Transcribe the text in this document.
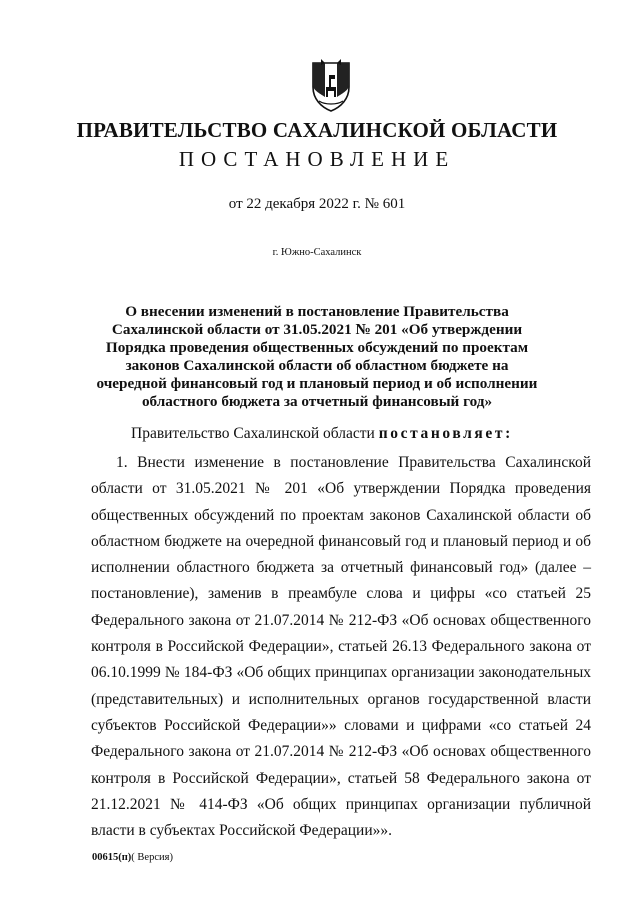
ПРАВИТЕЛЬСТВО САХАЛИНСКОЙ ОБЛАСТИ
ПОСТАНОВЛЕНИЕ
от 22 декабря 2022 г. № 601
г. Южно-Сахалинск
О внесении изменений в постановление Правительства Сахалинской области от 31.05.2021 № 201 «Об утверждении Порядка проведения общественных обсуждений по проектам законов Сахалинской области об областном бюджете на очередной финансовый год и плановый период и об исполнении областного бюджета за отчетный финансовый год»
Правительство Сахалинской области постановляет:
1. Внести изменение в постановление Правительства Сахалинской области от 31.05.2021 № 201 «Об утверждении Порядка проведения общественных обсуждений по проектам законов Сахалинской области об областном бюджете на очередной финансовый год и плановый период и об исполнении областного бюджета за отчетный финансовый год» (далее – постановление), заменив в преамбуле слова и цифры «со статьей 25 Федерального закона от 21.07.2014 № 212-ФЗ «Об основах общественного контроля в Российской Федерации», статьей 26.13 Федерального закона от 06.10.1999 № 184-ФЗ «Об общих принципах организации законодательных (представительных) и исполнительных органов государственной власти субъектов Российской Федерации»» словами и цифрами «со статьей 24 Федерального закона от 21.07.2014 № 212-ФЗ «Об основах общественного контроля в Российской Федерации», статьей 58 Федерального закона от 21.12.2021 № 414-ФЗ «Об общих принципах организации публичной власти в субъектах Российской Федерации»».
00615(п)( Версия)
